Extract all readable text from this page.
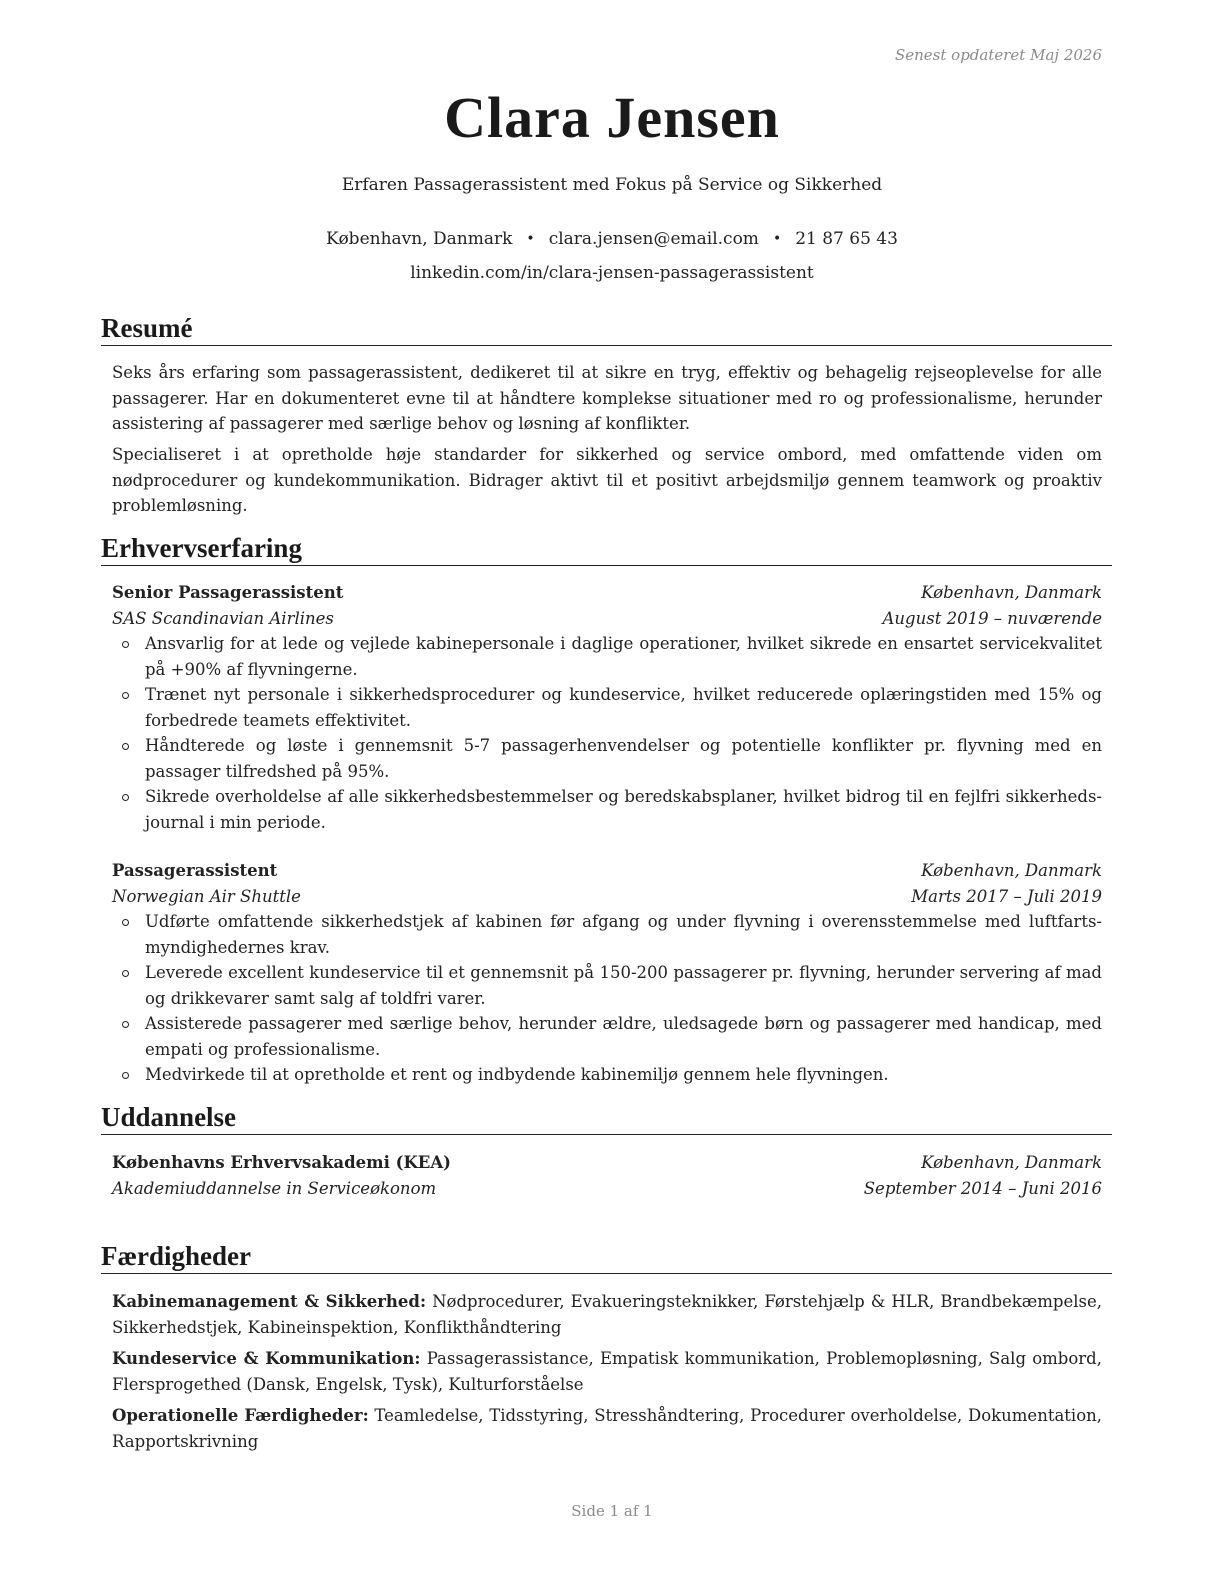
Senest opdateret Maj 2026
Clara Jensen
Erfaren Passagerassistent med Fokus på Service og Sikkerhed
København, Danmark • clara.jensen@email.com • 21 87 65 43
linkedin.com/in/clara-jensen-passagerassistent
Resumé
Seks års erfaring som passagerassistent, dedikeret til at sikre en tryg, effektiv og behagelig rejseoplevelse for alle passagerer. Har en dokumenteret evne til at håndtere komplekse situationer med ro og professionalisme, herunder assistering af passagerer med særlige behov og løsning af konflikter.
Specialiseret i at opretholde høje standarder for sikkerhed og service ombord, med omfattende viden om nødprocedurer og kundekommunikation. Bidrager aktivt til et positivt arbejdsmiljø gennem teamwork og proaktiv problemløsning.
Erhvervserfaring
Senior Passagerassistent	København, Danmark
SAS Scandinavian Airlines	August 2019 – nuværende
Ansvarlig for at lede og vejlede kabinepersonale i daglige operationer, hvilket sikrede en ensartet servicekvalitet på +90% af flyvningerne.
Trænet nyt personale i sikkerhedsprocedurer og kundeservice, hvilket reducerede oplæringstiden med 15% og forbedrede teamets effektivitet.
Håndterede og løste i gennemsnit 5-7 passagerhenvendelser og potentielle konflikter pr. flyvning med en passager tilfredshed på 95%.
Sikrede overholdelse af alle sikkerhedsbestemmelser og beredskabsplaner, hvilket bidrog til en fejlfri sikkerheds-journal i min periode.
Passagerassistent	København, Danmark
Norwegian Air Shuttle	Marts 2017 – Juli 2019
Udførte omfattende sikkerhedstjek af kabinen før afgang og under flyvning i overensstemmelse med luftfarts-myndighedernes krav.
Leverede excellent kundeservice til et gennemsnit på 150-200 passagerer pr. flyvning, herunder servering af mad og drikkevarer samt salg af toldfri varer.
Assisterede passagerer med særlige behov, herunder ældre, uledsagede børn og passagerer med handicap, med empati og professionalisme.
Medvirkede til at opretholde et rent og indbydende kabinemiljø gennem hele flyvningen.
Uddannelse
Københavns Erhvervsakademi (KEA)	København, Danmark
Akademiuddannelse in Serviceøkonom	September 2014 – Juni 2016
Færdigheder
Kabinemanagement & Sikkerhed: Nødprocedurer, Evakueringsteknikker, Førstehjælp & HLR, Brandbekæmpelse, Sikkerhedstjek, Kabineinspektion, Konflikthåndtering
Kundeservice & Kommunikation: Passagerassistance, Empatisk kommunikation, Problemopløsning, Salg ombord, Flersprogethed (Dansk, Engelsk, Tysk), Kulturforståelse
Operationelle Færdigheder: Teamledelse, Tidsstyring, Stresshåndtering, Procedurer overholdelse, Dokumentation, Rapportskrivning
Side 1 af 1
